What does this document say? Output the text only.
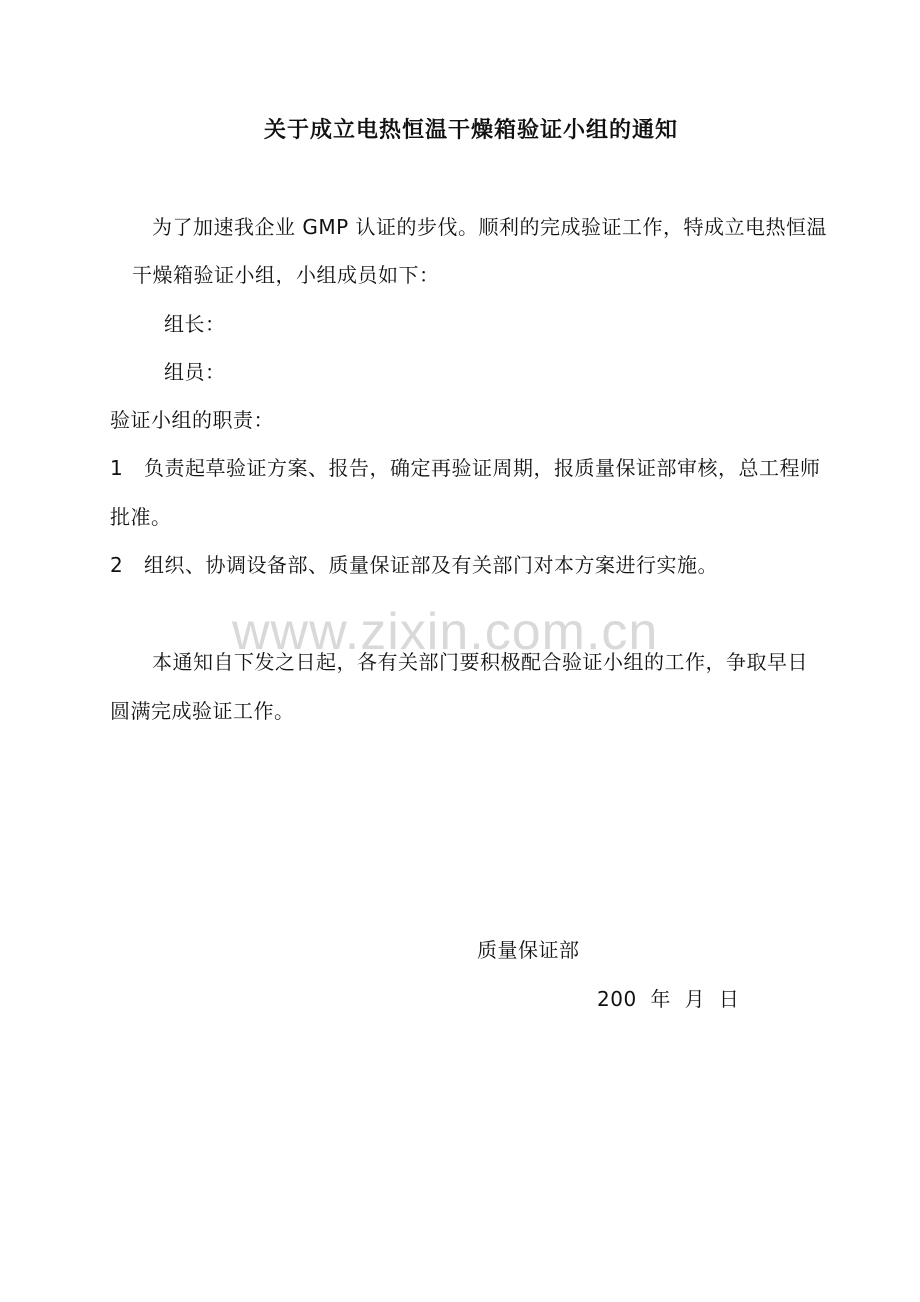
关于成立电热恒温干燥箱验证小组的通知
为了加速我企业 GMP 认证的步伐。顺利的完成验证工作，特成立电热恒温
干燥箱验证小组，小组成员如下：
组长：
组员：
验证小组的职责：
1 负责起草验证方案、报告，确定再验证周期，报质量保证部审核，总工程师
批准。
2 组织、协调设备部、质量保证部及有关部门对本方案进行实施。
www.zixin.com.cn
本通知自下发之日起，各有关部门要积极配合验证小组的工作，争取早日
圆满完成验证工作。
质量保证部
200  年  月  日
